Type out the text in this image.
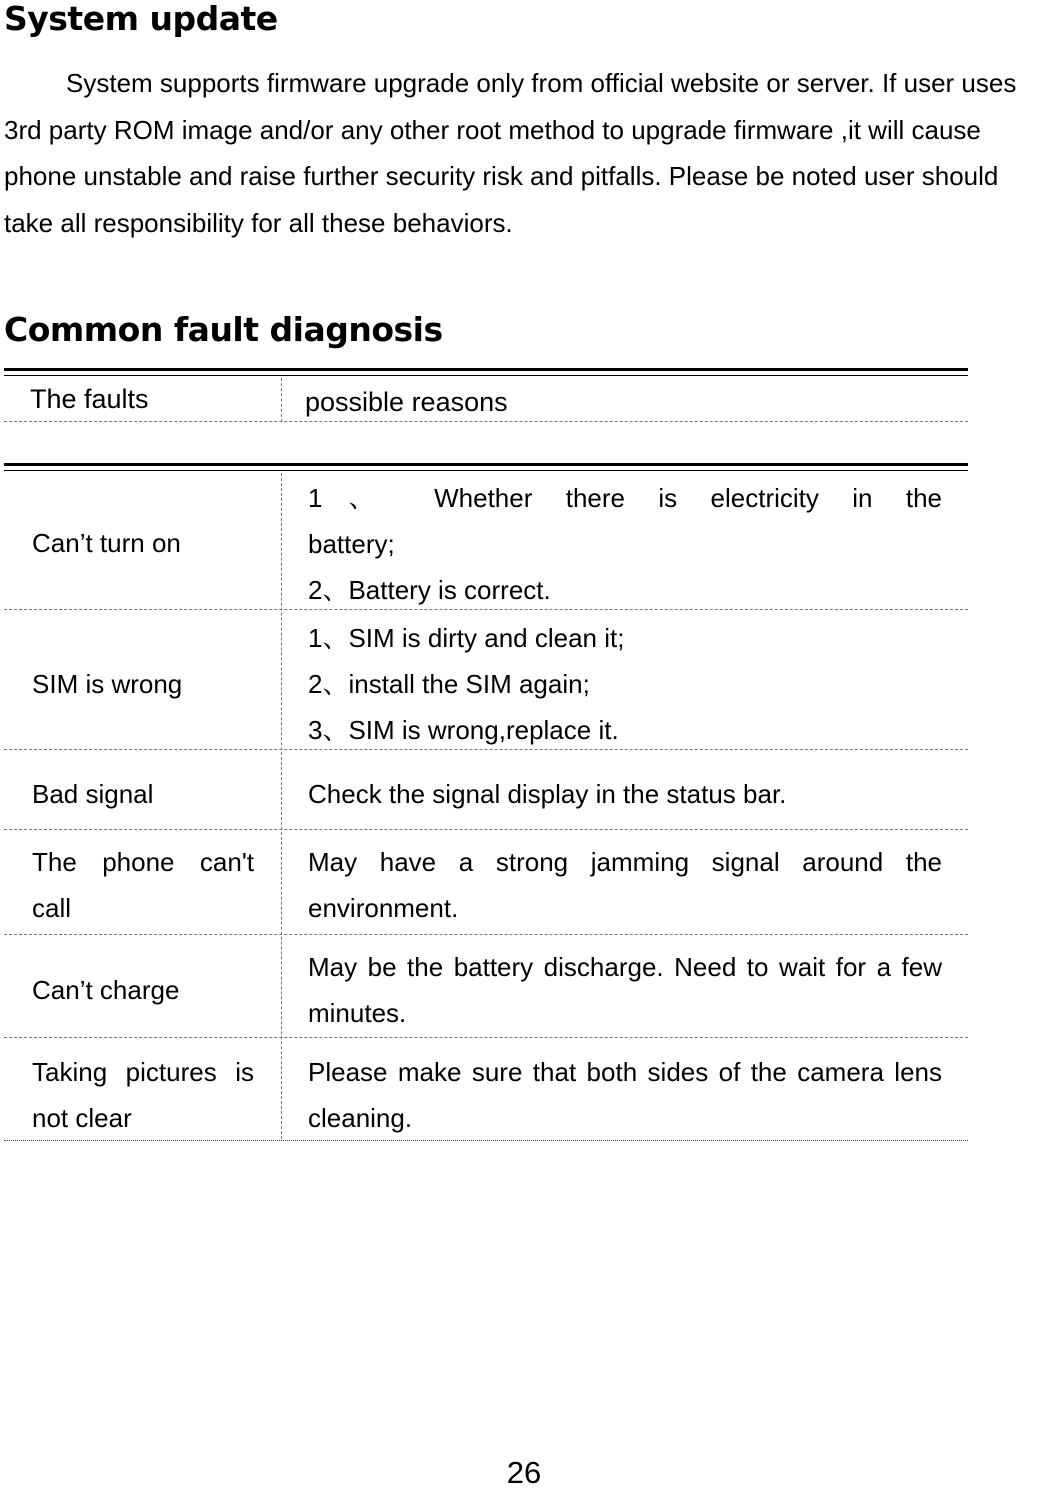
System update

System supports firmware upgrade only from official website or server. If user uses 3rd party ROM image and/or any other root method to upgrade firmware ,it will cause phone unstable and raise further security risk and pitfalls. Please be noted user should take all responsibility for all these behaviors.

Common fault diagnosis
The faults	possible reasons
Can’t turn on
1、 Whether there is electricity in the
battery;
2、Battery is correct.
SIM is wrong
1、SIM is dirty and clean it;
2、install the SIM again;
3、SIM is wrong,replace it.
Bad signal	Check the signal display in the status bar.
The phone can't call
May have a strong jamming signal around the environment.
Can’t charge
May be the battery discharge. Need to wait for a few minutes.
Taking pictures is not clear
Please make sure that both sides of the camera lens cleaning.
26
